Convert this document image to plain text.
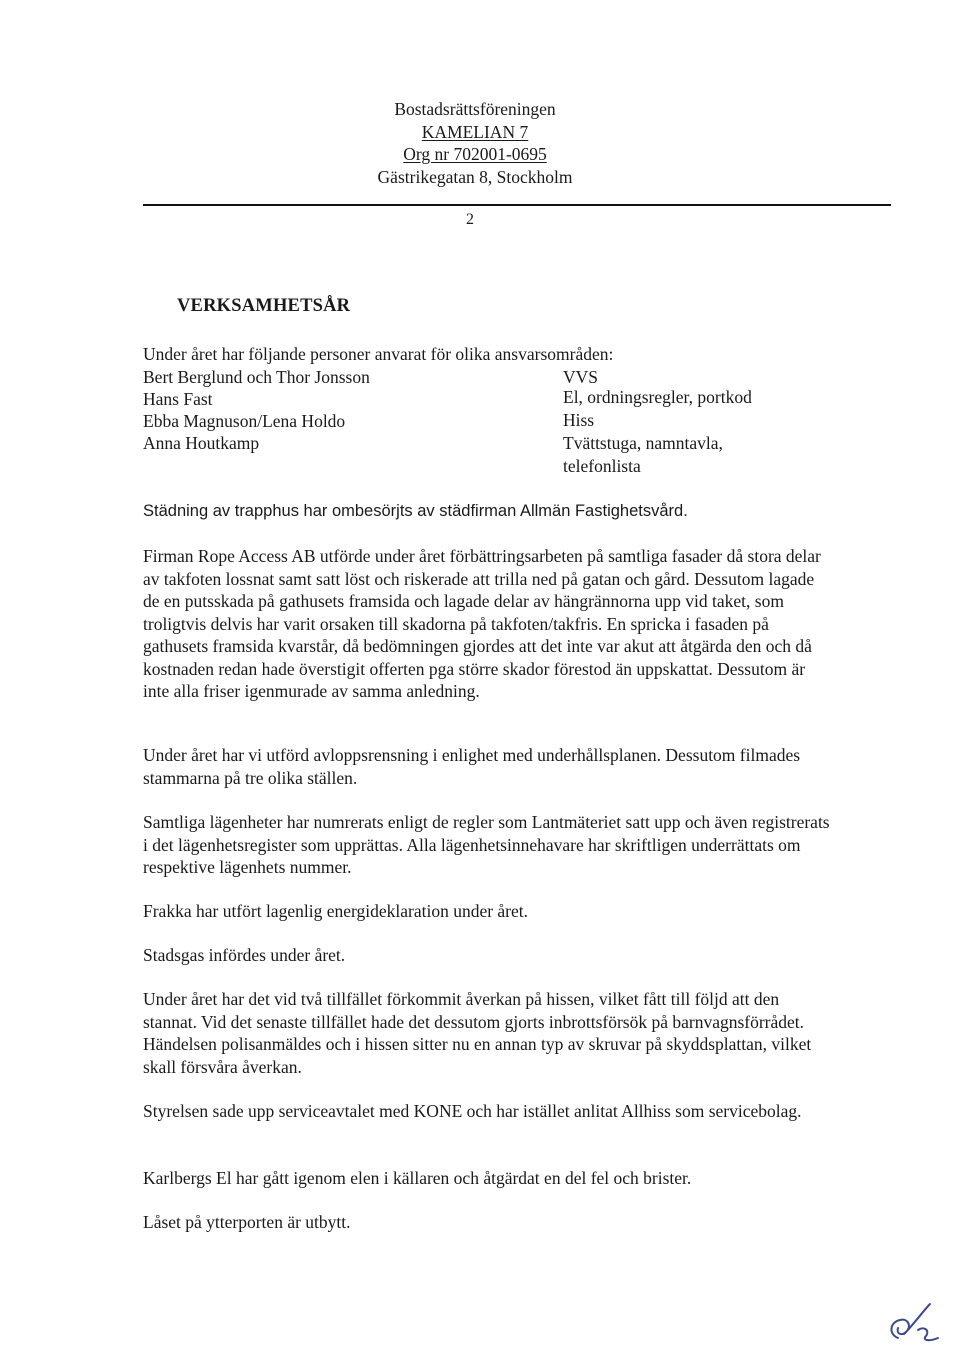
Bostadsrättsföreningen
KAMELIAN 7
Org nr 702001-0695
Gästrikegatan 8, Stockholm
2
VERKSAMHETSÅR
Under året har följande personer anvarat för olika ansvarsområden:
Bert Berglund och Thor Jonsson	VVS
Hans Fast	El, ordningsregler, portkod
Ebba Magnuson/Lena Holdo	Hiss
Anna Houtkamp	Tvättstuga, namntavla,
telefonlista
Städning av trapphus har ombesörjts av städfirman Allmän Fastighetsvård.

Firman Rope Access AB utförde under året förbättringsarbeten på samtliga fasader då stora delar av takfoten lossnat samt satt löst och riskerade att trilla ned på gatan och gård. Dessutom lagade de en putsskada på gathusets framsida och lagade delar av hängrännorna upp vid taket, som troligtvis delvis har varit orsaken till skadorna på takfoten/takfris. En spricka i fasaden på gathusets framsida kvarstår, då bedömningen gjordes att det inte var akut att åtgärda den och då kostnaden redan hade överstigit offerten pga större skador förestod än uppskattat. Dessutom är inte alla friser igenmurade av samma anledning.

Under året har vi utförd avloppsrensning i enlighet med underhållsplanen. Dessutom filmades stammarna på tre olika ställen.

Samtliga lägenheter har numrerats enligt de regler som Lantmäteriet satt upp och även registrerats i det lägenhetsregister som upprättas. Alla lägenhetsinnehavare har skriftligen underrättats om respektive lägenhets nummer.

Frakka har utfört lagenlig energideklaration under året.

Stadsgas infördes under året.

Under året har det vid två tillfället förkommit åverkan på hissen, vilket fått till följd att den stannat. Vid det senaste tillfället hade det dessutom gjorts inbrottsförsök på barnvagnsförrådet. Händelsen polisanmäldes och i hissen sitter nu en annan typ av skruvar på skyddsplattan, vilket skall försvåra åverkan.

Styrelsen sade upp serviceavtalet med KONE och har istället anlitat Allhiss som servicebolag.

Karlbergs El har gått igenom elen i källaren och åtgärdat en del fel och brister.

Låset på ytterporten är utbytt.
